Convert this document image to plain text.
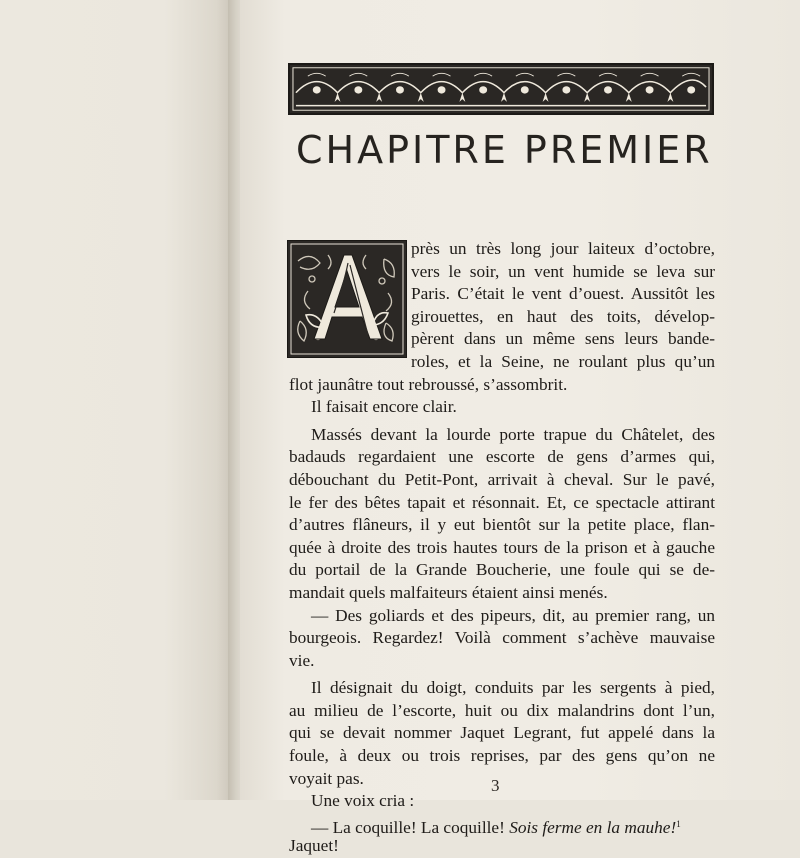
CHAPITRE PREMIER
près un très long jour laiteux d’octobre,
vers le soir, un vent humide se leva sur
Paris. C’était le vent d’ouest. Aussitôt les
girouettes, en haut des toits, dévelop-
pèrent dans un même sens leurs bande-
roles, et la Seine, ne roulant plus qu’un
flot jaunâtre tout rebroussé, s’assombrit.
Il faisait encore clair.
Massés devant la lourde porte trapue du Châtelet, des
badauds regardaient une escorte de gens d’armes qui,
débouchant du Petit-Pont, arrivait à cheval. Sur le pavé,
le fer des bêtes tapait et résonnait. Et, ce spectacle attirant
d’autres flâneurs, il y eut bientôt sur la petite place, flan-
quée à droite des trois hautes tours de la prison et à gauche
du portail de la Grande Boucherie, une foule qui se de-
mandait quels malfaiteurs étaient ainsi menés.
— Des goliards et des pipeurs, dit, au premier rang, un
bourgeois. Regardez! Voilà comment s’achève mauvaise
vie.
Il désignait du doigt, conduits par les sergents à pied,
au milieu de l’escorte, huit ou dix malandrins dont l’un,
qui se devait nommer Jaquet Legrant, fut appelé dans la
foule, à deux ou trois reprises, par des gens qu’on ne
voyait pas.
Une voix cria :
— La coquille! La coquille! Sois ferme en la mauhe!$^1$
Jaquet!
3
